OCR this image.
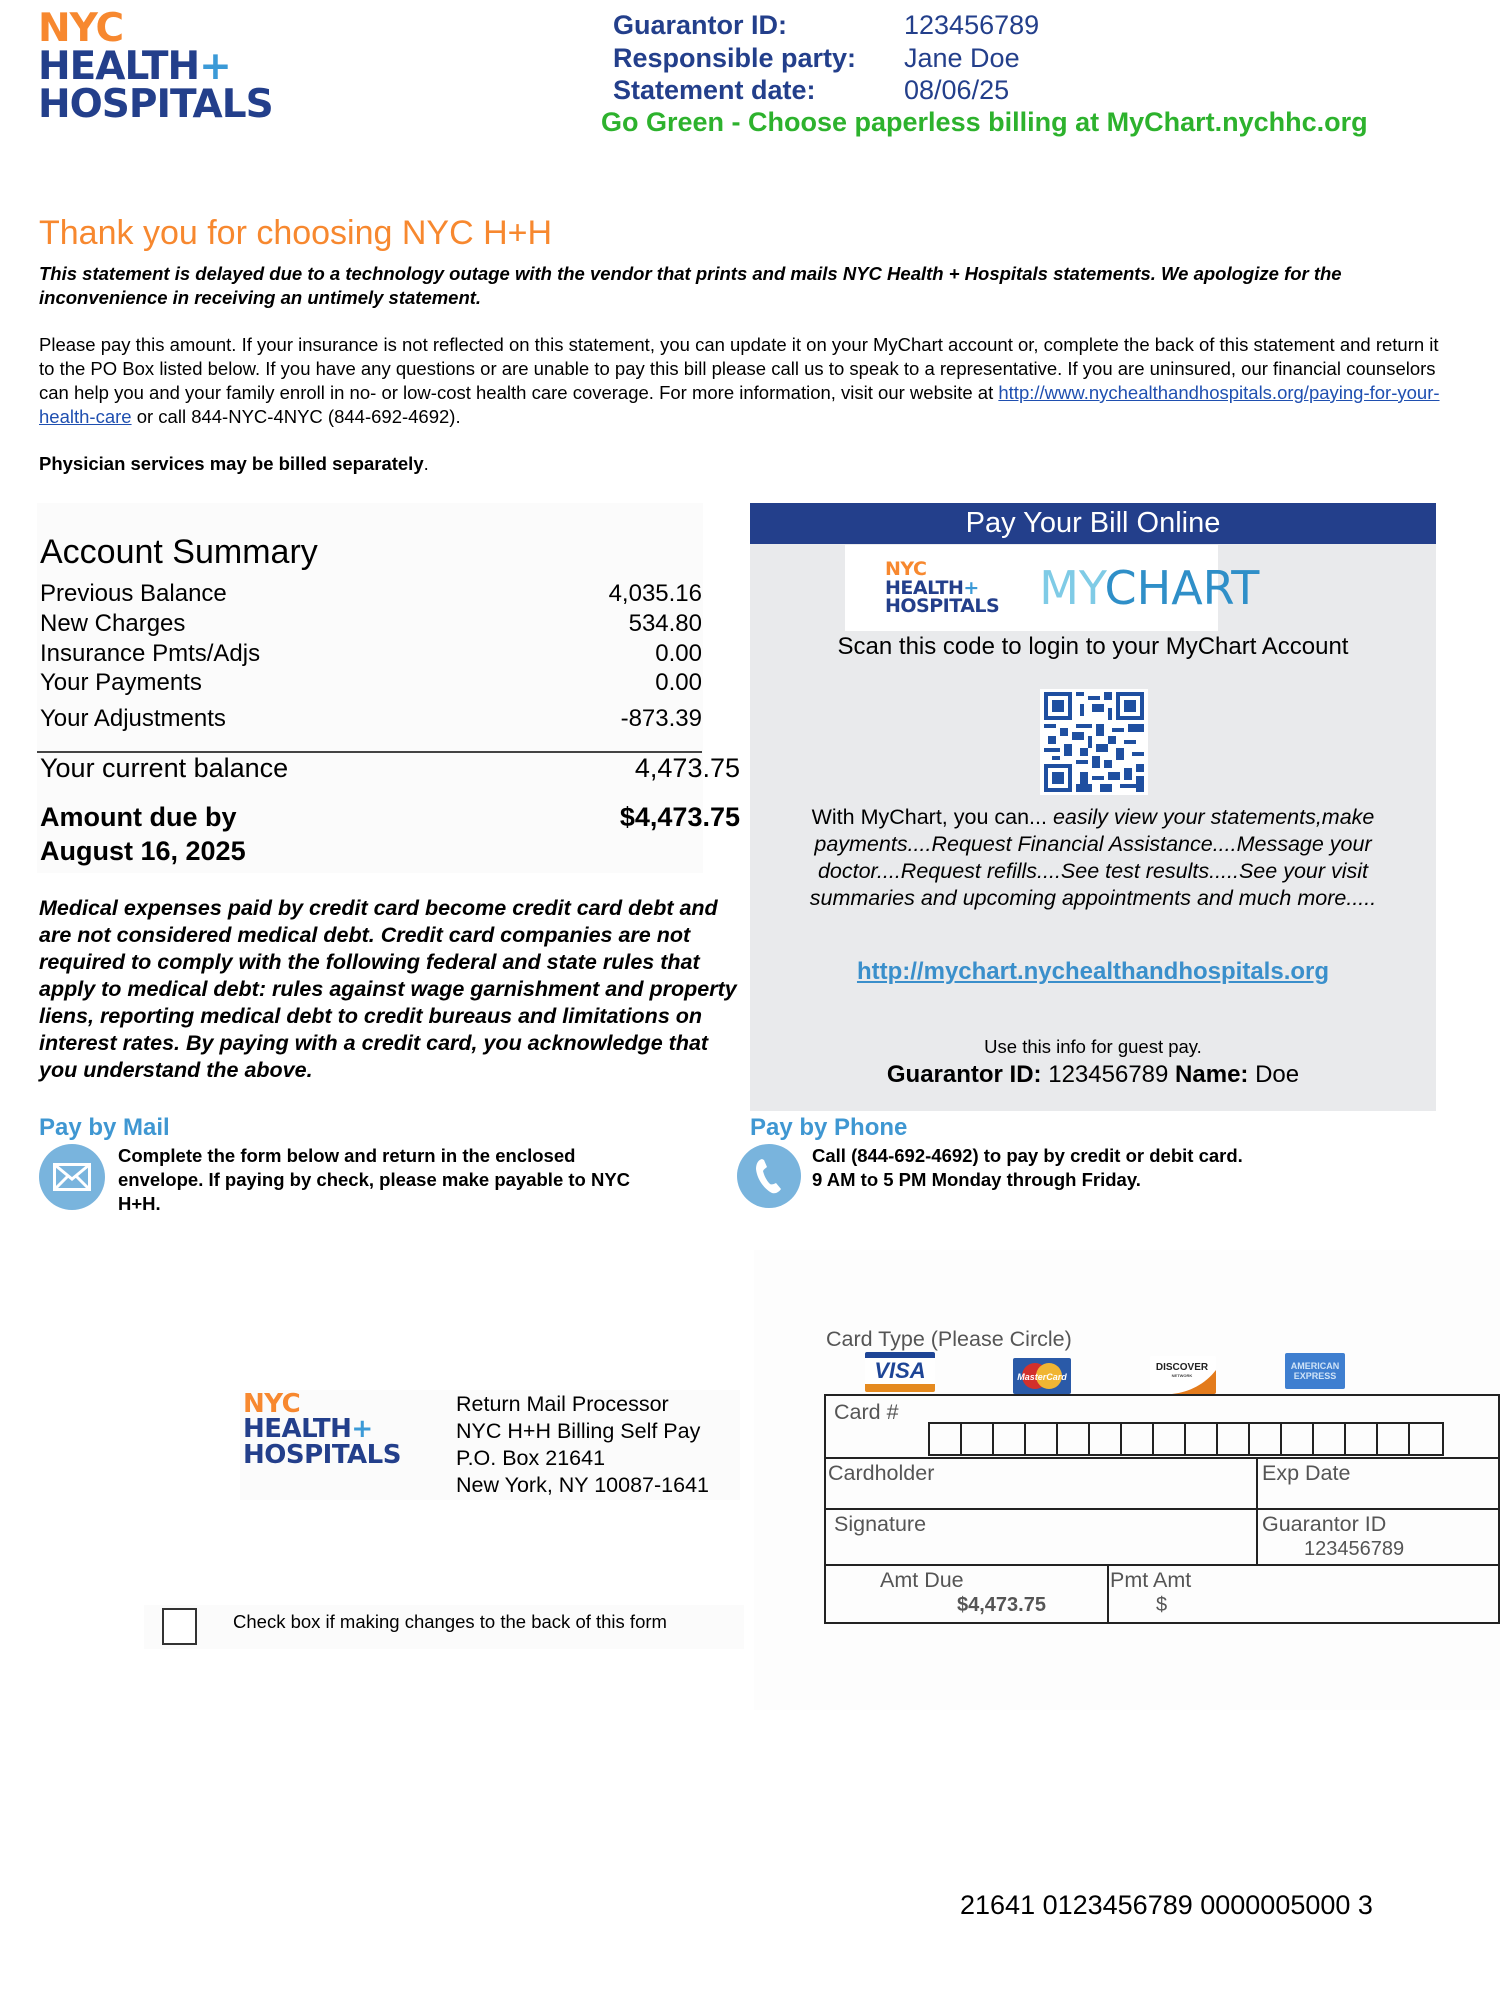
NYC
HEALTH+
HOSPITALS
Guarantor ID:	123456789
Responsible party:	Jane Doe
Statement date:	08/06/25
Go Green - Choose paperless billing at MyChart.nychhc.org
Thank you for choosing NYC H+H
This statement is delayed due to a technology outage with the vendor that prints and mails NYC Health + Hospitals statements. We apologize for the inconvenience in receiving an untimely statement.
Please pay this amount. If your insurance is not reflected on this statement, you can update it on your MyChart account or, complete the back of this statement and return it to the PO Box listed below. If you have any questions or are unable to pay this bill please call us to speak to a representative. If you are uninsured, our financial counselors can help you and your family enroll in no- or low-cost health care coverage. For more information, visit our website at http://www.nychealthandhospitals.org/paying-for-your-health-care or call 844-NYC-4NYC (844-692-4692).
Physician services may be billed separately.
Account Summary
Previous Balance	4,035.16
New Charges	534.80
Insurance Pmts/Adjs	0.00
Your Payments	0.00
Your Adjustments	-873.39
Your current balance	4,473.75
Amount due by
August 16, 2025
$4,473.75
Medical expenses paid by credit card become credit card debt and are not considered medical debt. Credit card companies are not required to comply with the following federal and state rules that apply to medical debt: rules against wage garnishment and property liens, reporting medical debt to credit bureaus and limitations on interest rates. By paying with a credit card, you acknowledge that you understand the above.
Pay Your Bill Online
NYC
HEALTH+
HOSPITALS MYCHART
Scan this code to login to your MyChart Account
With MyChart, you can... easily view your statements,make payments....Request Financial Assistance....Message your doctor....Request refills....See test results.....See your visit summaries and upcoming appointments and much more.....
http://mychart.nychealthandhospitals.org
Use this info for guest pay.
Guarantor ID: 123456789 Name: Doe
Pay by Mail
Complete the form below and return in the enclosed envelope. If paying by check, please make payable to NYC H+H.
Pay by Phone
Call (844-692-4692) to pay by credit or debit card.
9 AM to 5 PM Monday through Friday.
NYC
HEALTH+
HOSPITALS
Return Mail Processor
NYC H+H Billing Self Pay
P.O. Box 21641
New York, NY 10087-1641
Check box if making changes to the back of this form
Card Type (Please Circle)
VISA	MasterCard
DISCOVER
NETWORK
AMERICAN EXPRESS
Card #
Cardholder	Exp Date
Signature	Guarantor ID
123456789
Amt Due
$4,473.75
Pmt Amt
$
21641 0123456789 0000005000 3
